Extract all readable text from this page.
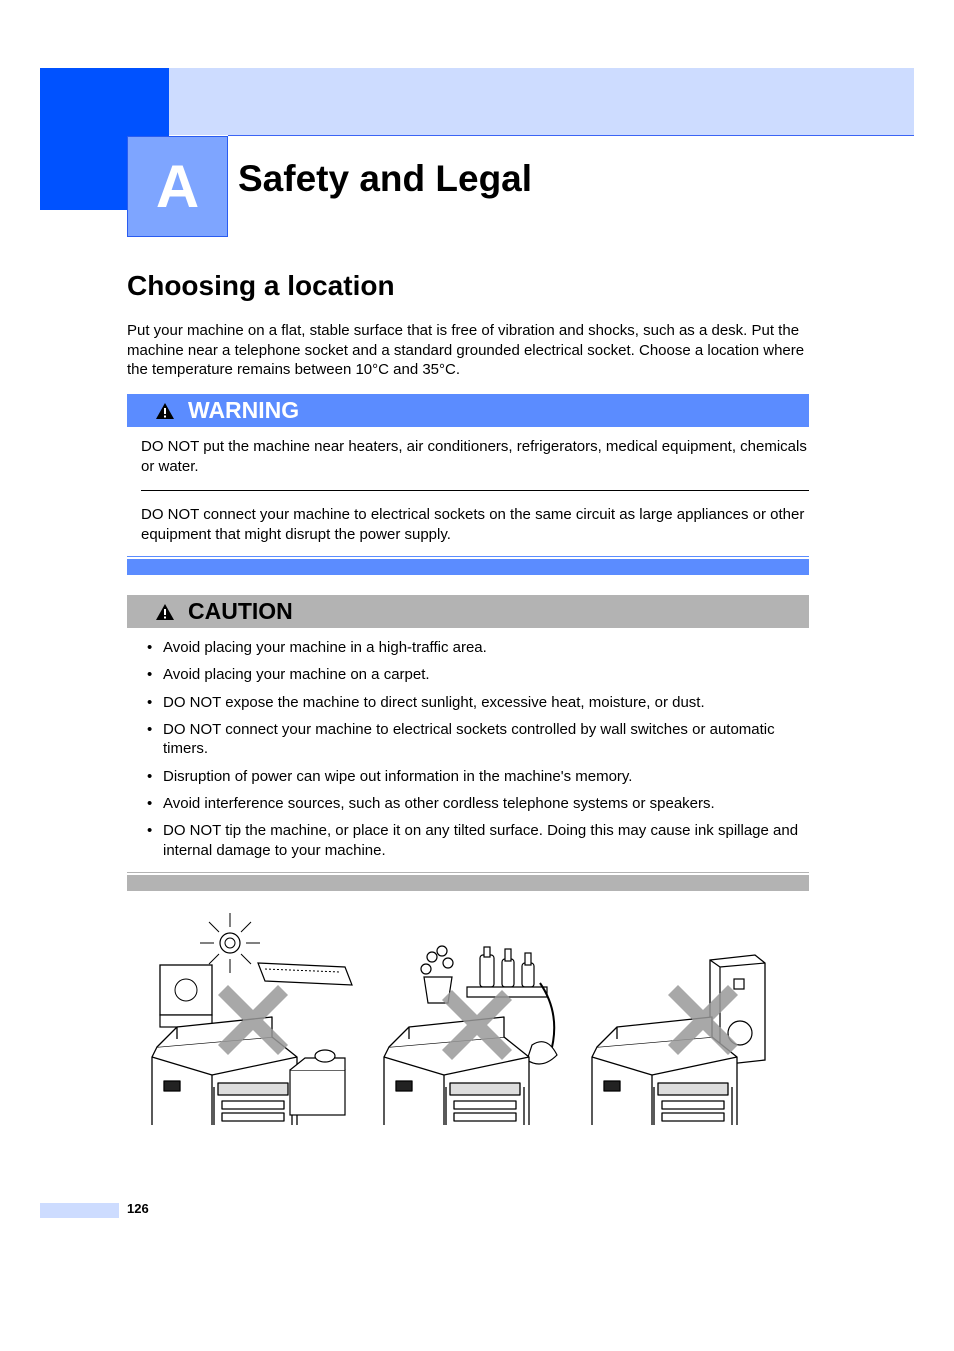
A	Safety and Legal
Choosing a location
Put your machine on a flat, stable surface that is free of vibration and shocks, such as a desk. Put the machine near a telephone socket and a standard grounded electrical socket. Choose a location where the temperature remains between 10°C and 35°C.
WARNING
DO NOT put the machine near heaters, air conditioners, refrigerators, medical equipment, chemicals or water.
DO NOT connect your machine to electrical sockets on the same circuit as large appliances or other equipment that might disrupt the power supply.
CAUTION
• Avoid placing your machine in a high-traffic area.
• Avoid placing your machine on a carpet.
• DO NOT expose the machine to direct sunlight, excessive heat, moisture, or dust.
• DO NOT connect your machine to electrical sockets controlled by wall switches or automatic timers.
• Disruption of power can wipe out information in the machine's memory.
• Avoid interference sources, such as other cordless telephone systems or speakers.
• DO NOT tip the machine, or place it on any tilted surface. Doing this may cause ink spillage and internal damage to your machine.
126
